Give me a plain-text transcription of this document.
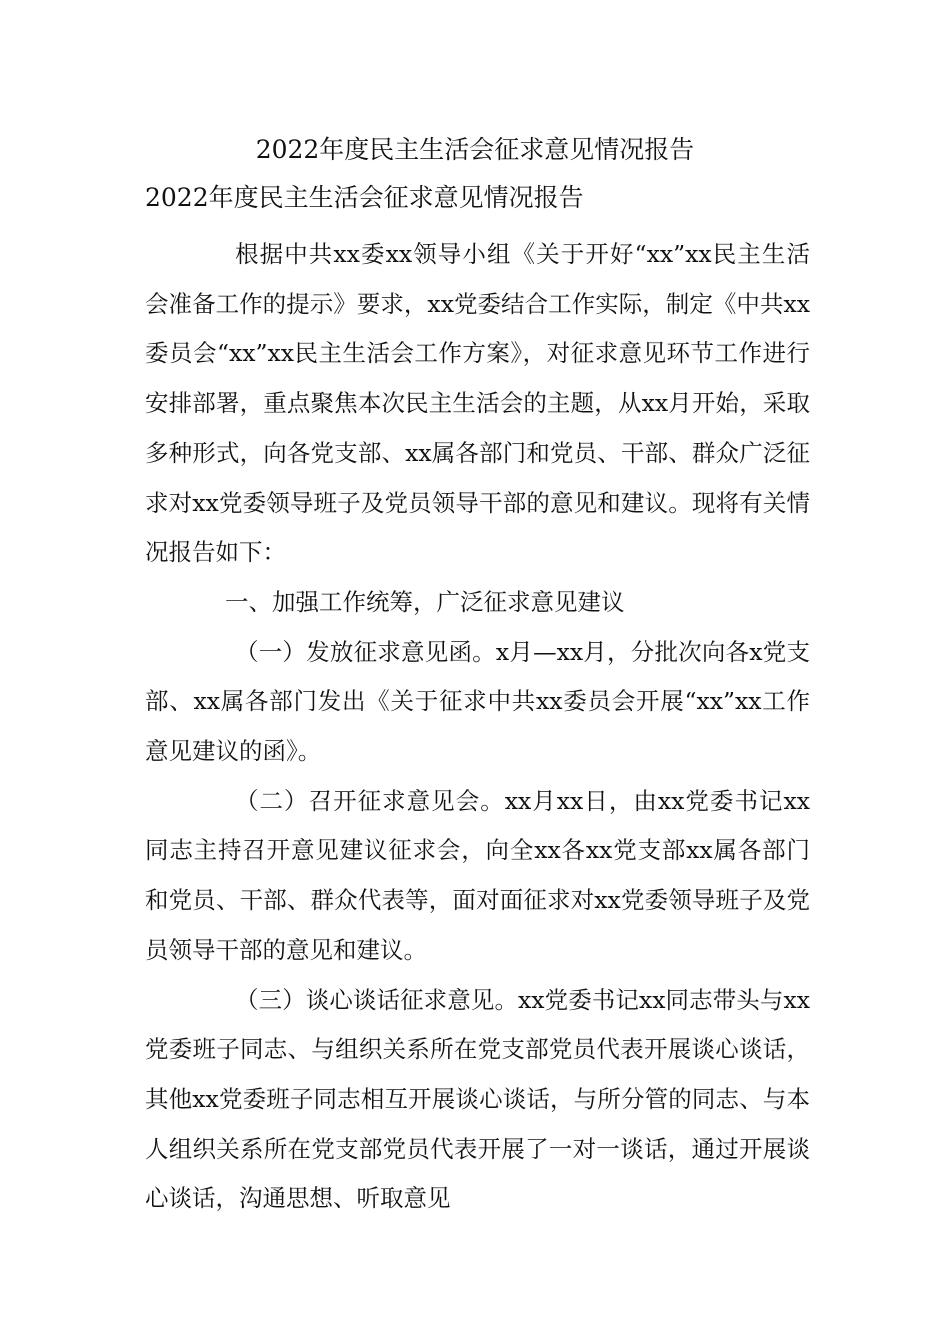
2022年度民主生活会征求意见情况报告
2022年度民主生活会征求意见情况报告

根据中共xx委xx领导小组《关于开好“xx”xx民主生活会准备工作的提示》要求，xx党委结合工作实际，制定《中共xx委员会“xx”xx民主生活会工作方案》，对征求意见环节工作进行安排部署，重点聚焦本次民主生活会的主题，从xx月开始，采取多种形式，向各党支部、xx属各部门和党员、干部、群众广泛征求对xx党委领导班子及党员领导干部的意见和建议。现将有关情况报告如下：

一、加强工作统筹，广泛征求意见建议

（一）发放征求意见函。x月—xx月，分批次向各x党支部、xx属各部门发出《关于征求中共xx委员会开展“xx”xx工作意见建议的函》。

（二）召开征求意见会。xx月xx日，由xx党委书记xx同志主持召开意见建议征求会，向全xx各xx党支部xx属各部门和党员、干部、群众代表等，面对面征求对xx党委领导班子及党员领导干部的意见和建议。

（三）谈心谈话征求意见。xx党委书记xx同志带头与xx党委班子同志、与组织关系所在党支部党员代表开展谈心谈话，其他xx党委班子同志相互开展谈心谈话，与所分管的同志、与本人组织关系所在党支部党员代表开展了一对一谈话，通过开展谈心谈话，沟通思想、听取意见
